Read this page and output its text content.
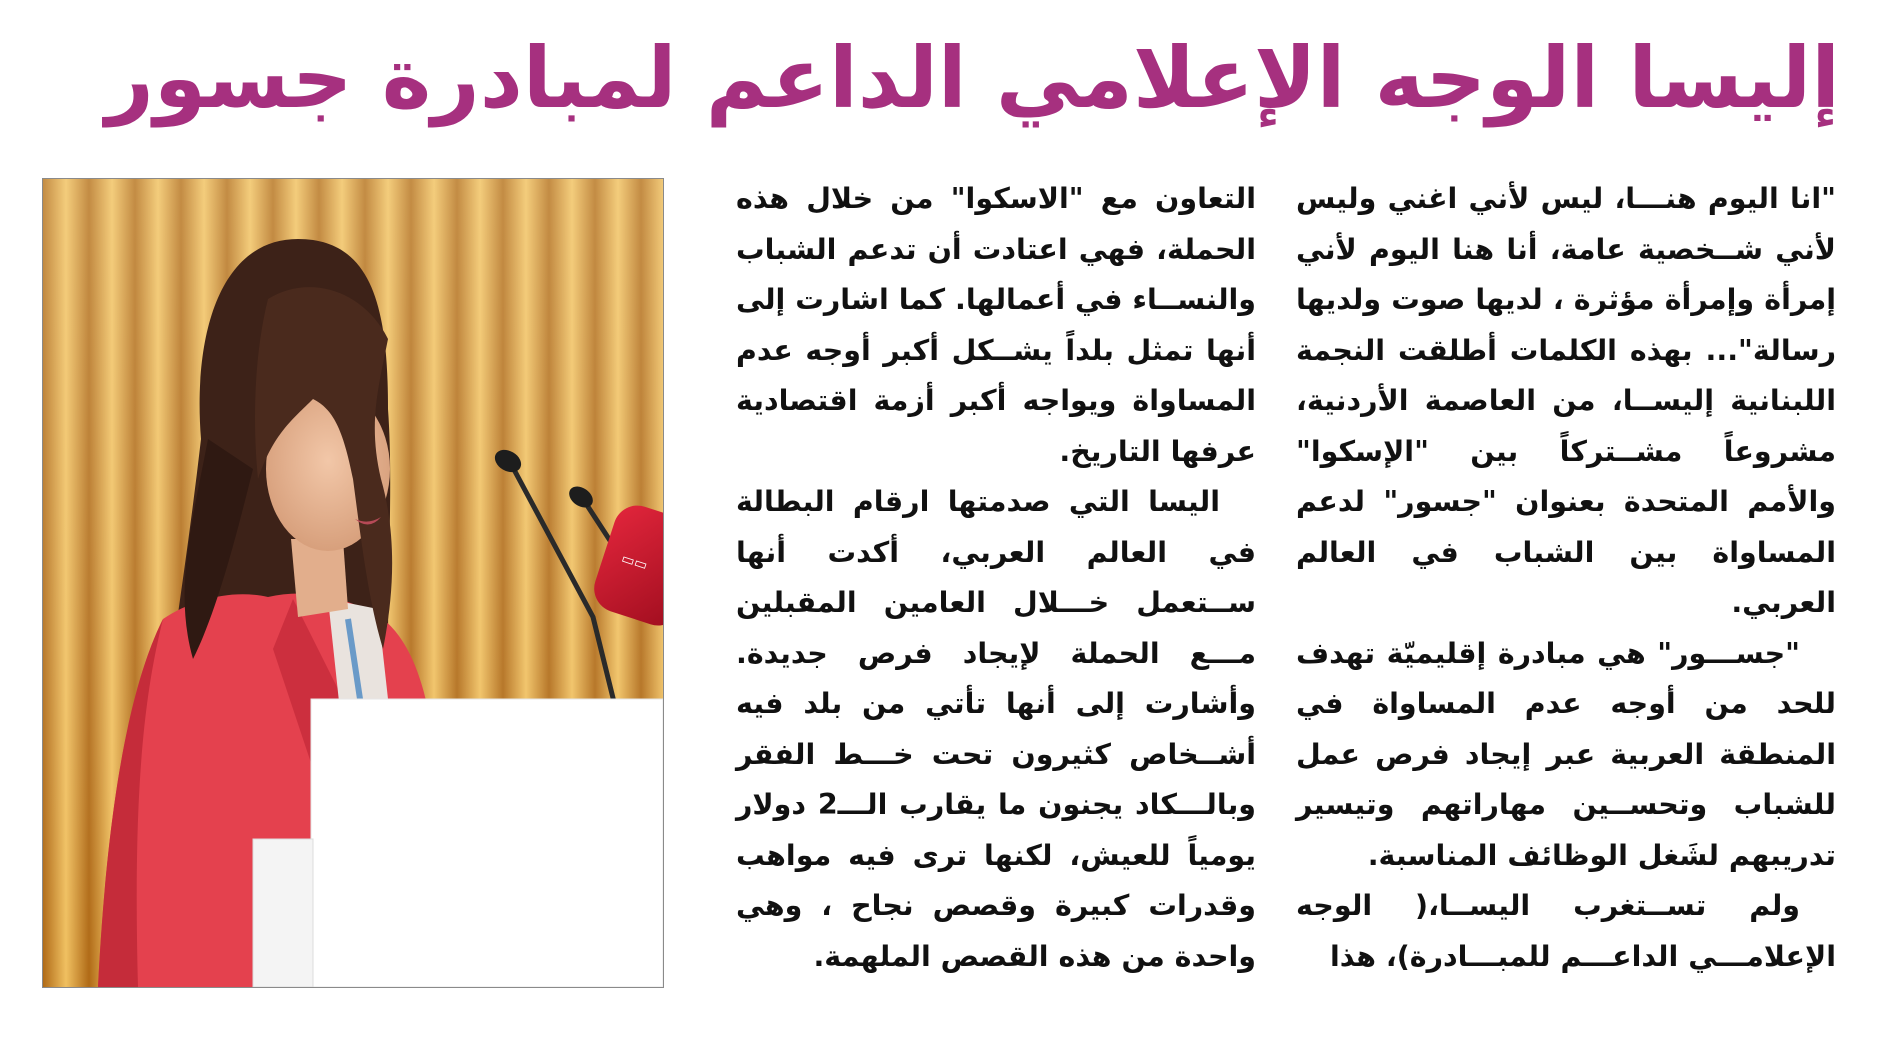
إليسا الوجه الإعلامي الداعم لمبادرة جسور

"انا اليوم هنـــا، ليس لأني اغني وليس لأني شــخصية عامة، أنا هنا اليوم لأني إمرأة وإمرأة مؤثرة ، لديها صوت ولديها رسالة"... بهذه الكلمات أطلقت النجمة اللبنانية إليســا، من العاصمة الأردنية، مشروعاً مشــتركاً بين "الإسكوا" والأمم المتحدة بعنوان "جسور" لدعم المساواة بين الشباب في العالم العربي.

"جســـور" هي مبادرة إقليميّة تهدف للحد من أوجه عدم المساواة في المنطقة العربية عبر إيجاد فرص عمل للشباب وتحســين مهاراتهم وتيسير تدريبهم لشَغل الوظائف المناسبة.

ولم تســتغرب اليســا،( الوجه الإعلامـــي الداعـــم للمبـــادرة)، هذا

التعاون مع "الاسكوا" من خلال هذه الحملة، فهي اعتادت أن تدعم الشباب والنســاء في أعمالها. كما اشارت إلى أنها تمثل بلداً يشــكل أكبر أوجه عدم المساواة ويواجه أكبر أزمة اقتصادية عرفها التاريخ.

اليسا التي صدمتها ارقام البطالة في العالم العربي، أكدت أنها ســتعمل خـــلال العامين المقبلين مـــع الحملة لإيجاد فرص جديدة. وأشارت إلى أنها تأتي من بلد فيه أشــخاص كثيرون تحت خـــط الفقر وبالـــكاد يجنون ما يقارب الـــ2 دولار يومياً للعيش، لكنها ترى فيه مواهب وقدرات كبيرة وقصص نجاح ، وهي واحدة من هذه القصص الملهمة.

▭▭
